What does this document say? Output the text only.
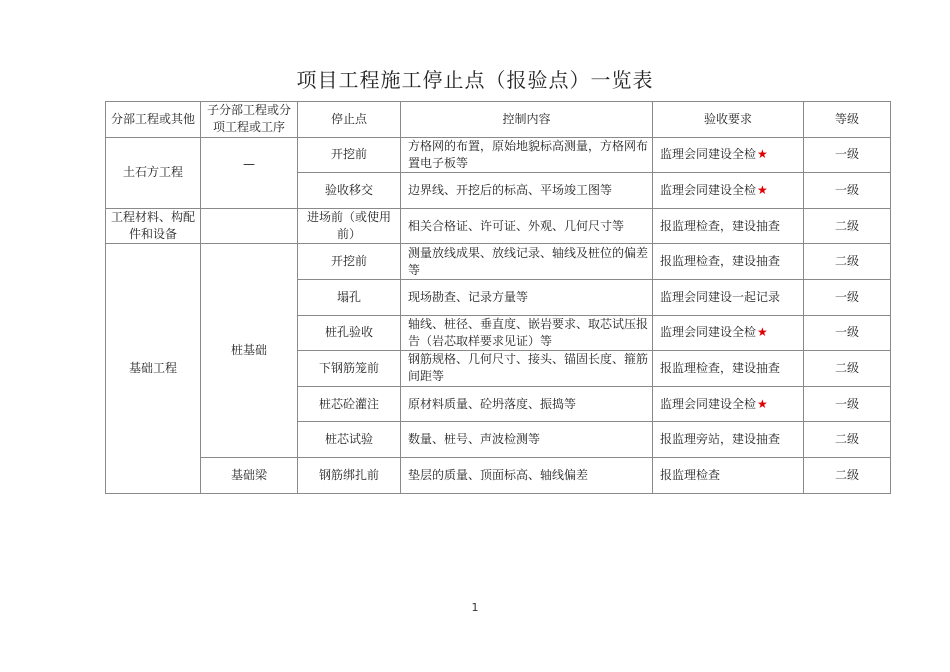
项目工程施工停止点（报验点）一览表
分部工程或其他	子分部工程或分项工程或工序	停止点	控制内容	验收要求	等级
土石方工程	—	开挖前	方格网的布置，原始地貌标高测量，方格网布置电子板等	监理会同建设全检★	一级
		验收移交	边界线、开挖后的标高、平场竣工图等	监理会同建设全检★	一级
工程材料、构配件和设备		进场前（或使用前）	相关合格证、许可证、外观、几何尺寸等	报监理检查，建设抽查	二级
基础工程	桩基础	开挖前	测量放线成果、放线记录、轴线及桩位的偏差等	报监理检查，建设抽查	二级
		塌孔	现场勘查、记录方量等	监理会同建设一起记录	一级
		桩孔验收	轴线、桩径、垂直度、嵌岩要求、取芯试压报告（岩芯取样要求见证）等	监理会同建设全检★	一级
		下钢筋笼前	钢筋规格、几何尺寸、接头、锚固长度、箍筋间距等	报监理检查，建设抽查	二级
		桩芯砼灌注	原材料质量、砼坍落度、振捣等	监理会同建设全检★	一级
		桩芯试验	数量、桩号、声波检测等	报监理旁站，建设抽查	二级
	基础梁	钢筋绑扎前	垫层的质量、顶面标高、轴线偏差	报监理检查	二级
1
